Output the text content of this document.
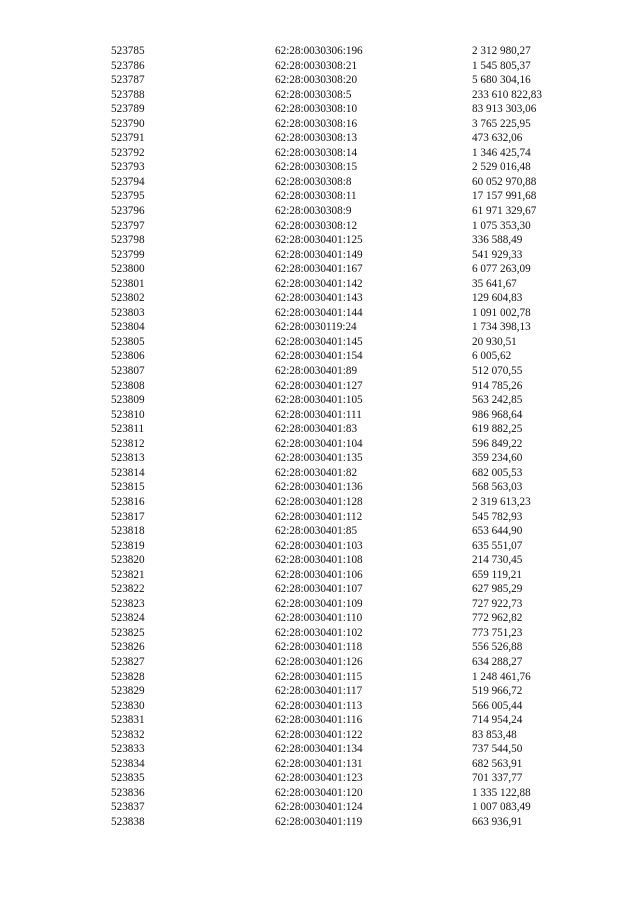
523785	62:28:0030306:196	2 312 980,27
523786	62:28:0030308:21	1 545 805,37
523787	62:28:0030308:20	5 680 304,16
523788	62:28:0030308:5	233 610 822,83
523789	62:28:0030308:10	83 913 303,06
523790	62:28:0030308:16	3 765 225,95
523791	62:28:0030308:13	473 632,06
523792	62:28:0030308:14	1 346 425,74
523793	62:28:0030308:15	2 529 016,48
523794	62:28:0030308:8	60 052 970,88
523795	62:28:0030308:11	17 157 991,68
523796	62:28:0030308:9	61 971 329,67
523797	62:28:0030308:12	1 075 353,30
523798	62:28:0030401:125	336 588,49
523799	62:28:0030401:149	541 929,33
523800	62:28:0030401:167	6 077 263,09
523801	62:28:0030401:142	35 641,67
523802	62:28:0030401:143	129 604,83
523803	62:28:0030401:144	1 091 002,78
523804	62:28:0030119:24	1 734 398,13
523805	62:28:0030401:145	20 930,51
523806	62:28:0030401:154	6 005,62
523807	62:28:0030401:89	512 070,55
523808	62:28:0030401:127	914 785,26
523809	62:28:0030401:105	563 242,85
523810	62:28:0030401:111	986 968,64
523811	62:28:0030401:83	619 882,25
523812	62:28:0030401:104	596 849,22
523813	62:28:0030401:135	359 234,60
523814	62:28:0030401:82	682 005,53
523815	62:28:0030401:136	568 563,03
523816	62:28:0030401:128	2 319 613,23
523817	62:28:0030401:112	545 782,93
523818	62:28:0030401:85	653 644,90
523819	62:28:0030401:103	635 551,07
523820	62:28:0030401:108	214 730,45
523821	62:28:0030401:106	659 119,21
523822	62:28:0030401:107	627 985,29
523823	62:28:0030401:109	727 922,73
523824	62:28:0030401:110	772 962,82
523825	62:28:0030401:102	773 751,23
523826	62:28:0030401:118	556 526,88
523827	62:28:0030401:126	634 288,27
523828	62:28:0030401:115	1 248 461,76
523829	62:28:0030401:117	519 966,72
523830	62:28:0030401:113	566 005,44
523831	62:28:0030401:116	714 954,24
523832	62:28:0030401:122	83 853,48
523833	62:28:0030401:134	737 544,50
523834	62:28:0030401:131	682 563,91
523835	62:28:0030401:123	701 337,77
523836	62:28:0030401:120	1 335 122,88
523837	62:28:0030401:124	1 007 083,49
523838	62:28:0030401:119	663 936,91
